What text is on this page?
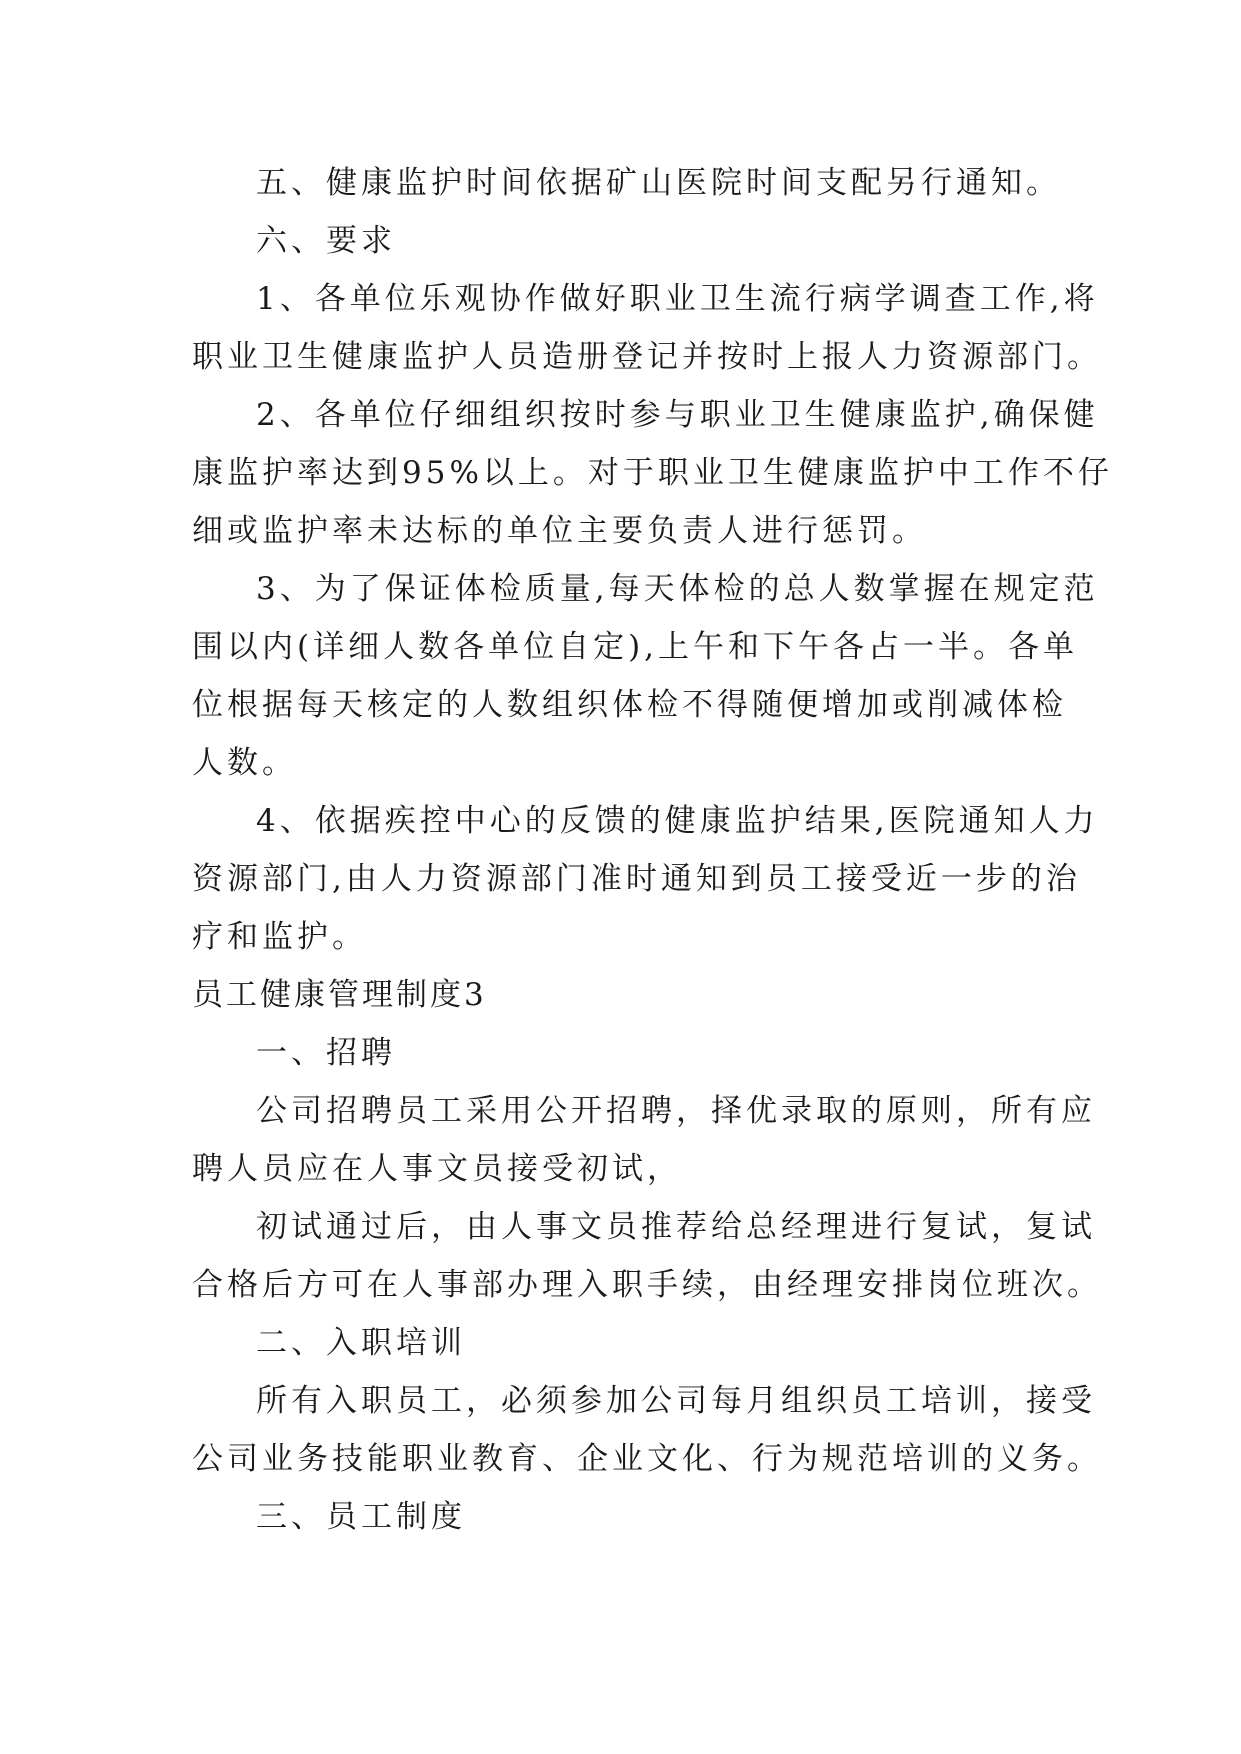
五、健康监护时间依据矿山医院时间支配另行通知。
六、要求
1、各单位乐观协作做好职业卫生流行病学调查工作,将
职业卫生健康监护人员造册登记并按时上报人力资源部门。
2、各单位仔细组织按时参与职业卫生健康监护,确保健
康监护率达到95%以上。对于职业卫生健康监护中工作不仔
细或监护率未达标的单位主要负责人进行惩罚。
3、为了保证体检质量,每天体检的总人数掌握在规定范
围以内(详细人数各单位自定),上午和下午各占一半。各单
位根据每天核定的人数组织体检不得随便增加或削减体检
人数。
4、依据疾控中心的反馈的健康监护结果,医院通知人力
资源部门,由人力资源部门准时通知到员工接受近一步的治
疗和监护。
员工健康管理制度3
一、招聘
公司招聘员工采用公开招聘，择优录取的原则，所有应
聘人员应在人事文员接受初试，
初试通过后，由人事文员推荐给总经理进行复试，复试
合格后方可在人事部办理入职手续，由经理安排岗位班次。
二、入职培训
所有入职员工，必须参加公司每月组织员工培训，接受
公司业务技能职业教育、企业文化、行为规范培训的义务。
三、员工制度
